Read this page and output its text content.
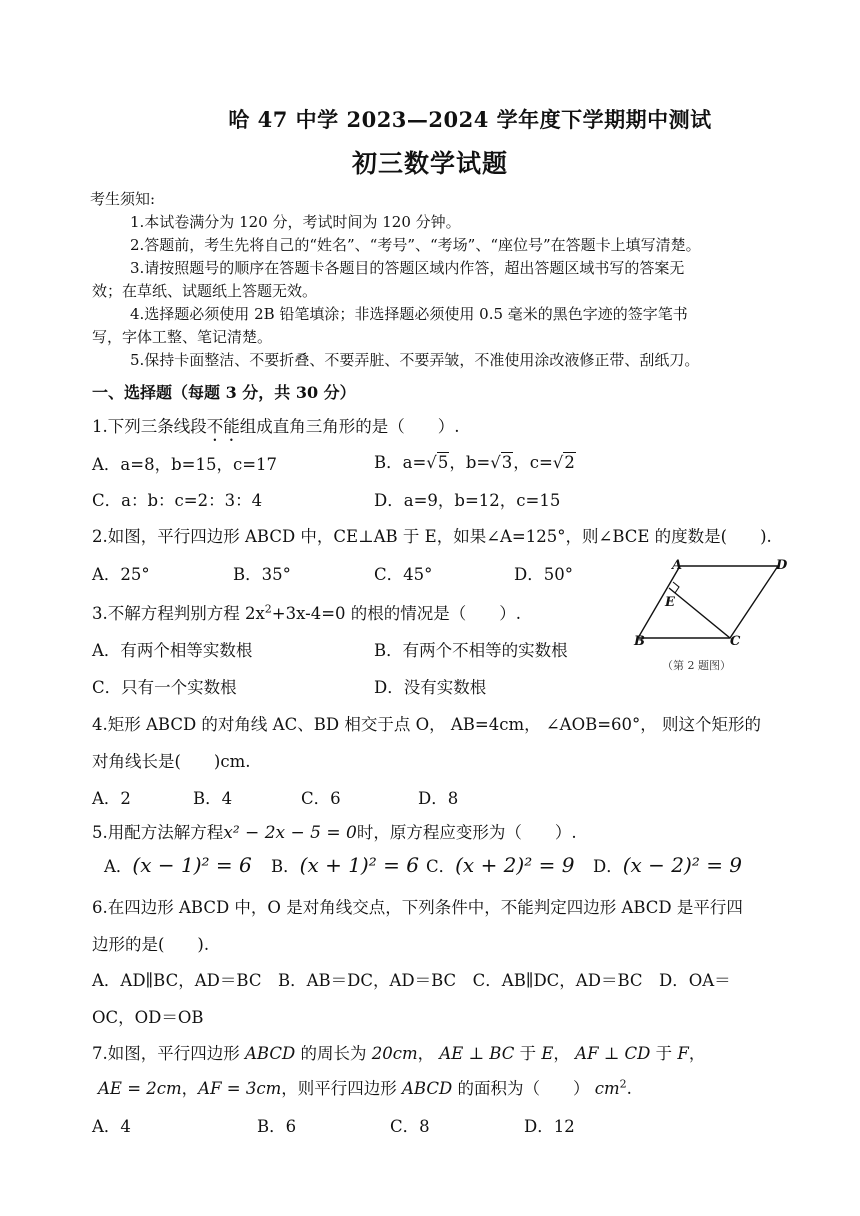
哈 47 中学 2023—2024 学年度下学期期中测试
初三数学试题
考生须知:
1.本试卷满分为 120 分，考试时间为 120 分钟。
2.答题前，考生先将自己的“姓名”、“考号”、“考场”、“座位号”在答题卡上填写清楚。
3.请按照题号的顺序在答题卡各题目的答题区域内作答，超出答题区域书写的答案无
效；在草纸、试题纸上答题无效。
4.选择题必须使用 2B 铅笔填涂；非选择题必须使用 0.5 毫米的黑色字迹的签字笔书
写，字体工整、笔记清楚。
5.保持卡面整洁、不要折叠、不要弄脏、不要弄皱，不准使用涂改液修正带、刮纸刀。
一、选择题（每题 3 分，共 30 分）
1.下列三条线段不能组成直角三角形的是（　　）.
A．a=8，b=15，c=17	B．a=√5，b=√3，c=√2
C．a：b：c=2：3：4	D．a=9，b=12，c=15
2.如图，平行四边形 ABCD 中，CE⊥AB 于 E，如果∠A=125°，则∠BCE 的度数是(　　).
A．25°	B．35°	C．45°	D．50°	A	D
E
B	C
（第 2 题图）
3.不解方程判别方程 $2x^2+3x-4=0$ 的根的情况是（　　）.
A．有两个相等实数根	B．有两个不相等的实数根
C．只有一个实数根	D．没有实数根
4.矩形 ABCD 的对角线 AC、BD 相交于点 O， AB=4cm， ∠AOB=60°， 则这个矩形的
对角线长是(　　)cm.
A．2	B．4	C．6	D．8
5.用配方法解方程x² − 2x − 5 = 0时，原方程应变形为（　　）.
A．(x − 1)² = 6 B．(x + 1)² = 6 C．(x + 2)² = 9 D．(x − 2)² = 9
6.在四边形 ABCD 中，O 是对角线交点，下列条件中，不能判定四边形 ABCD 是平行四
边形的是(　　).
A．AD∥BC，AD＝BC　B．AB＝DC，AD＝BC　C．AB∥DC，AD＝BC　D．OA＝
OC，OD＝OB
7.如图，平行四边形 ABCD 的周长为 20cm， AE ⊥ BC 于 E， AF ⊥ CD 于 F，
AE = 2cm，AF = 3cm，则平行四边形 ABCD 的面积为（　　） $cm^2$.
A．4	B．6	C．8	D．12
